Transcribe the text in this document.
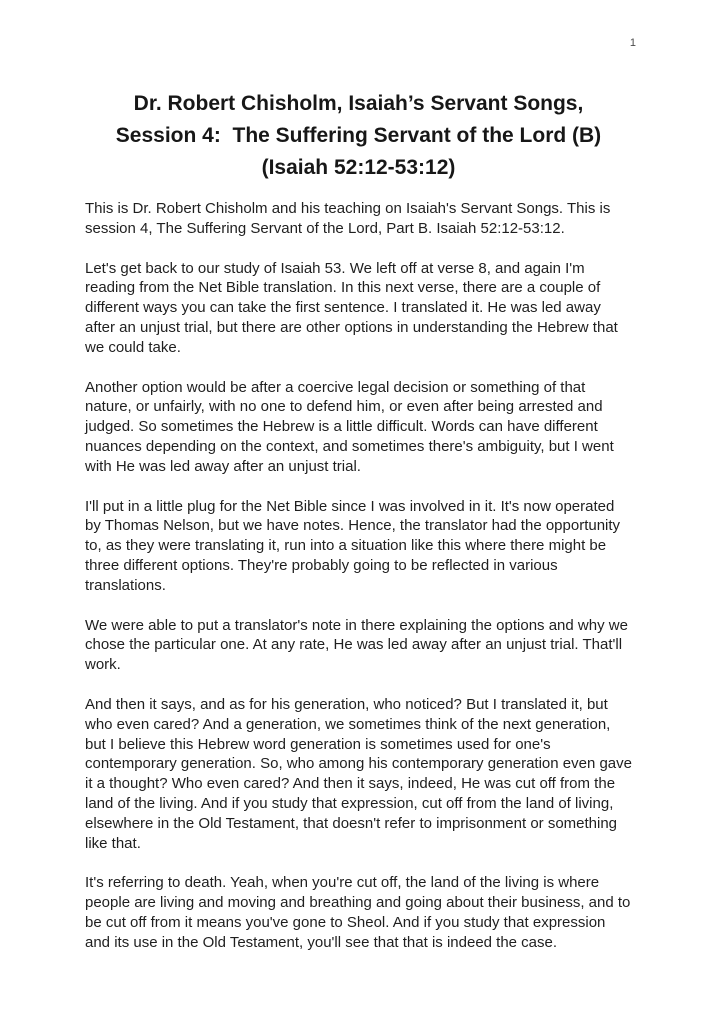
1
Dr. Robert Chisholm, Isaiah’s Servant Songs,
Session 4:  The Suffering Servant of the Lord (B)
(Isaiah 52:12-53:12)

This is Dr. Robert Chisholm and his teaching on Isaiah's Servant Songs. This is session 4, The Suffering Servant of the Lord, Part B. Isaiah 52:12-53:12.

Let's get back to our study of Isaiah 53. We left off at verse 8, and again I'm reading from the Net Bible translation. In this next verse, there are a couple of different ways you can take the first sentence. I translated it. He was led away after an unjust trial, but there are other options in understanding the Hebrew that we could take.

Another option would be after a coercive legal decision or something of that nature, or unfairly, with no one to defend him, or even after being arrested and judged. So sometimes the Hebrew is a little difficult. Words can have different nuances depending on the context, and sometimes there's ambiguity, but I went with He was led away after an unjust trial.

I'll put in a little plug for the Net Bible since I was involved in it. It's now operated by Thomas Nelson, but we have notes. Hence, the translator had the opportunity to, as they were translating it, run into a situation like this where there might be three different options. They're probably going to be reflected in various translations.

We were able to put a translator's note in there explaining the options and why we chose the particular one. At any rate, He was led away after an unjust trial. That'll work.

And then it says, and as for his generation, who noticed? But I translated it, but who even cared? And a generation, we sometimes think of the next generation, but I believe this Hebrew word generation is sometimes used for one's contemporary generation. So, who among his contemporary generation even gave it a thought? Who even cared? And then it says, indeed, He was cut off from the land of the living. And if you study that expression, cut off from the land of living, elsewhere in the Old Testament, that doesn't refer to imprisonment or something like that.

It's referring to death. Yeah, when you're cut off, the land of the living is where people are living and moving and breathing and going about their business, and to be cut off from it means you've gone to Sheol. And if you study that expression and its use in the Old Testament, you'll see that that is indeed the case.
